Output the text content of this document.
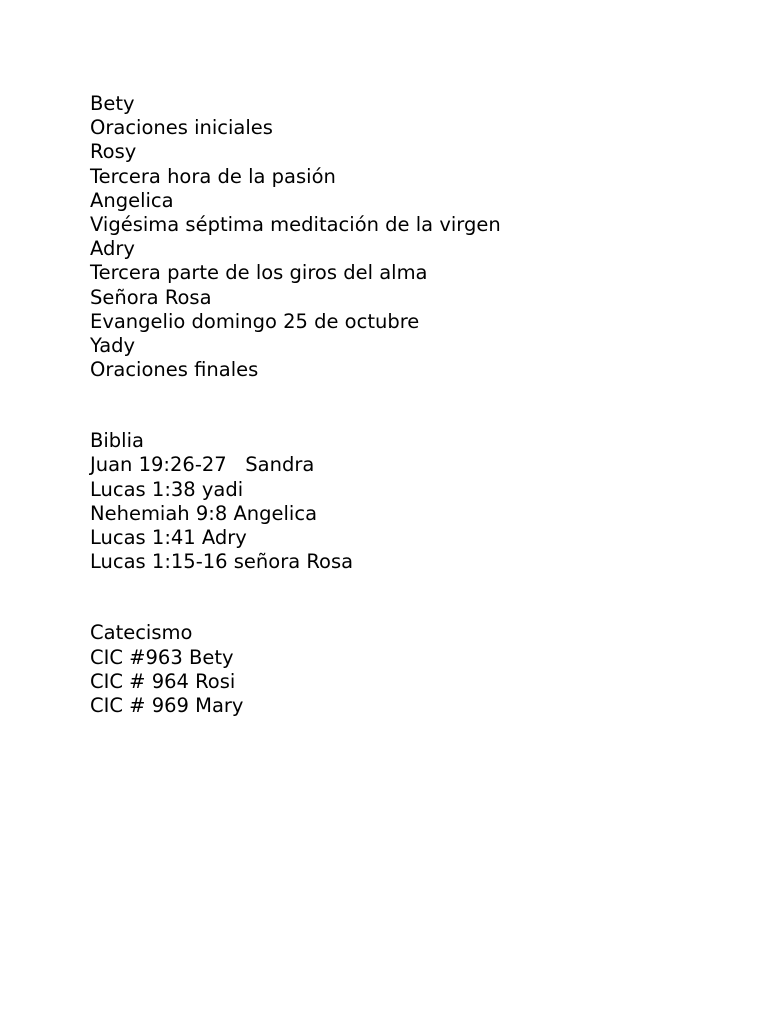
Bety
Oraciones iniciales
Rosy
Tercera hora de la pasión
Angelica
Vigésima séptima meditación de la virgen
Adry
Tercera parte de los giros del alma
Señora Rosa
Evangelio domingo 25 de octubre
Yady
Oraciones finales
Biblia
Juan 19:26-27   Sandra
Lucas 1:38 yadi
Nehemiah 9:8 Angelica
Lucas 1:41 Adry
Lucas 1:15-16 señora Rosa
Catecismo
CIC #963 Bety
CIC # 964 Rosi
CIC # 969 Mary
